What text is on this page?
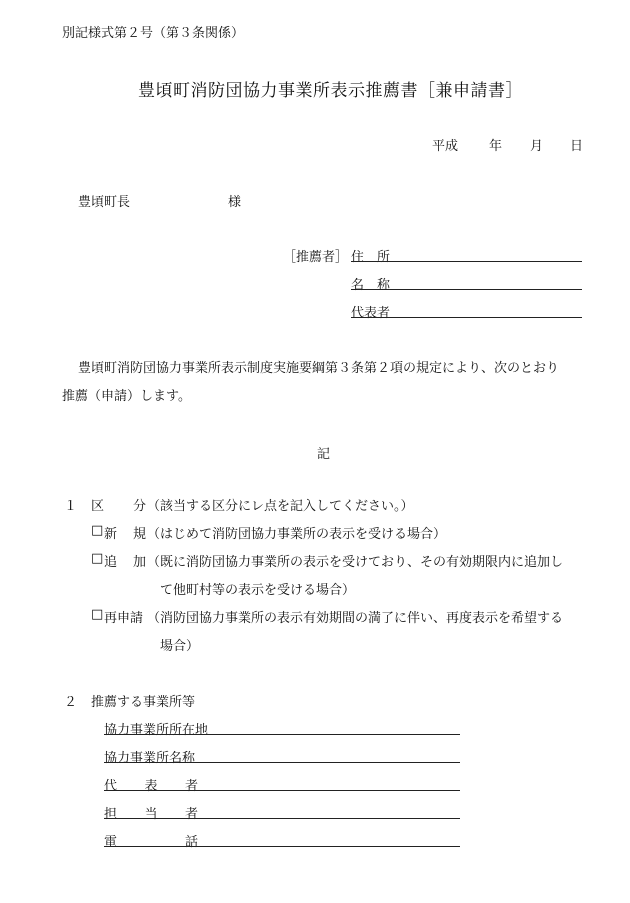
別記様式第２号（第３条関係）
豊頃町消防団協力事業所表示推薦書［兼申請書］
平成 年 月 日
豊頃町長	様
［推薦者］ 住　所
名　称
代表者
豊頃町消防団協力事業所表示制度実施要綱第３条第２項の規定により、次のとおり
推薦（申請）します。
記
１ 区 分 （該当する区分にレ点を記入してください。）
□ 新 規 （はじめて消防団協力事業所の表示を受ける場合）
□ 追 加 （既に消防団協力事業所の表示を受けており、その有効期限内に追加し
て他町村等の表示を受ける場合）
□ 再申請 （消防団協力事業所の表示有効期間の満了に伴い、再度表示を希望する
場合）
２ 推薦する事業所等
協力事業所所在地
協力事業所名称
代 表 者
担 当 者
電	話
